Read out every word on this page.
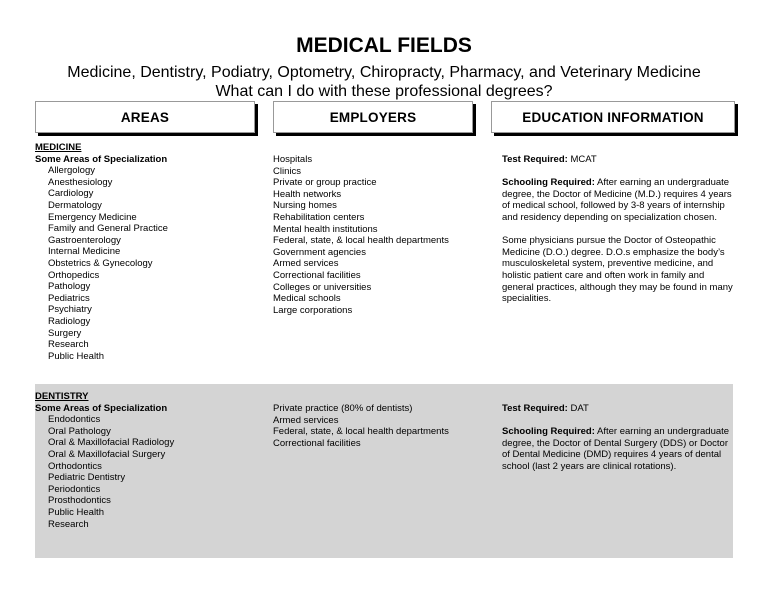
MEDICAL FIELDS
Medicine, Dentistry, Podiatry, Optometry, Chiropracty, Pharmacy, and Veterinary Medicine
What can I do with these professional degrees?
AREAS	EMPLOYERS	EDUCATION INFORMATION

MEDICINE

Some Areas of Specialization

Allergology

Anesthesiology

Cardiology

Dermatology

Emergency Medicine

Family and General Practice

Gastroenterology

Internal Medicine

Obstetrics & Gynecology

Orthopedics

Pathology

Pediatrics

Psychiatry

Radiology

Surgery

Research

Public Health

Hospitals

Clinics

Private or group practice

Health networks

Nursing homes

Rehabilitation centers

Mental health institutions

Federal, state, & local health departments

Government agencies

Armed services

Correctional facilities

Colleges or universities

Medical schools

Large corporations

Test Required: MCAT

Schooling Required: After earning an undergraduate degree, the Doctor of Medicine (M.D.) requires 4 years of medical school, followed by 3-8 years of internship and residency depending on specialization chosen.

Some physicians pursue the Doctor of Osteopathic Medicine (D.O.) degree. D.O.s emphasize the body’s musculoskeletal system, preventive medicine, and holistic patient care and often work in family and general practices, although they may be found in many specialities.

DENTISTRY

Some Areas of Specialization

Endodontics

Oral Pathology

Oral & Maxillofacial Radiology

Oral & Maxillofacial Surgery

Orthodontics

Pediatric Dentistry

Periodontics

Prosthodontics

Public Health

Research

Private practice (80% of dentists)

Armed services

Federal, state, & local health departments

Correctional facilities

Test Required: DAT

Schooling Required: After earning an undergraduate degree, the Doctor of Dental Surgery (DDS) or Doctor of Dental Medicine (DMD) requires 4 years of dental school (last 2 years are clinical rotations).
